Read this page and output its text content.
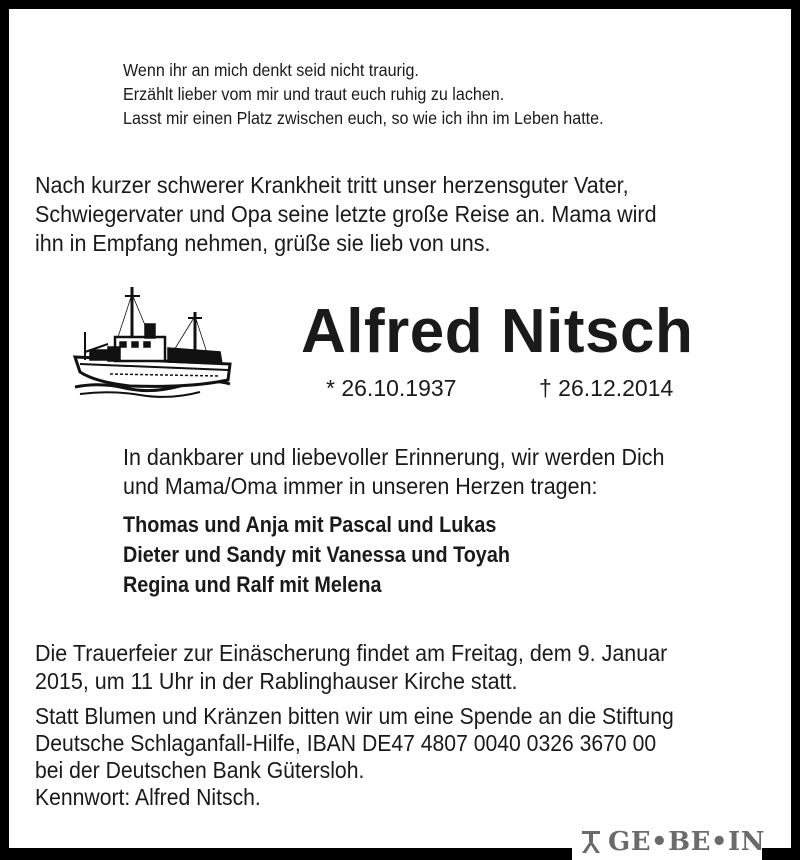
Wenn ihr an mich denkt seid nicht traurig.
Erzählt lieber vom mir und traut euch ruhig zu lachen.
Lasst mir einen Platz zwischen euch, so wie ich ihn im Leben hatte.
Nach kurzer schwerer Krankheit tritt unser herzensguter Vater,
Schwiegervater und Opa seine letzte große Reise an. Mama wird
ihn in Empfang nehmen, grüße sie lieb von uns.
Alfred Nitsch
* 26.10.1937	† 26.12.2014
In dankbarer und liebevoller Erinnerung, wir werden Dich
und Mama/Oma immer in unseren Herzen tragen:
Thomas und Anja mit Pascal und Lukas
Dieter und Sandy mit Vanessa und Toyah
Regina und Ralf mit Melena
Die Trauerfeier zur Einäscherung findet am Freitag, dem 9. Januar
2015, um 11 Uhr in der Rablinghauser Kirche statt.
Statt Blumen und Kränzen bitten wir um eine Spende an die Stiftung
Deutsche Schlaganfall-Hilfe, IBAN DE47 4807 0040 0326 3670 00
bei der Deutschen Bank Gütersloh.
Kennwort: Alfred Nitsch.
GE•BE•IN
